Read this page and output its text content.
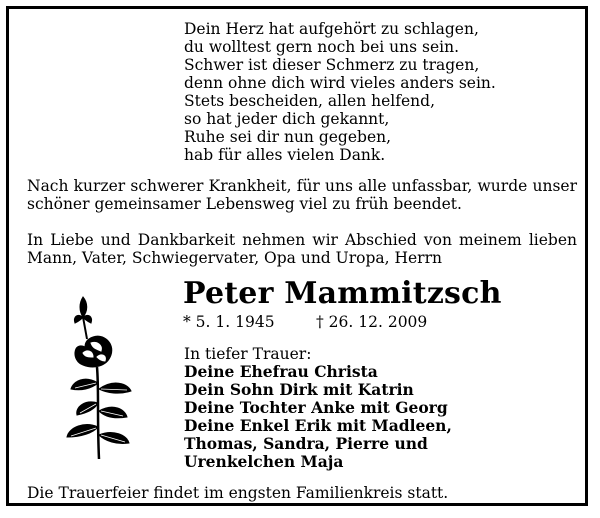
Dein Herz hat aufgehört zu schlagen,
du wolltest gern noch bei uns sein.
Schwer ist dieser Schmerz zu tragen,
denn ohne dich wird vieles anders sein.
Stets bescheiden, allen helfend,
so hat jeder dich gekannt,
Ruhe sei dir nun gegeben,
hab für alles vielen Dank.
Nach kurzer schwerer Krankheit, für uns alle unfassbar, wurde unser
schöner gemeinsamer Lebensweg viel zu früh beendet.
In Liebe und Dankbarkeit nehmen wir Abschied von meinem lieben
Mann, Vater, Schwiegervater, Opa und Uropa, Herrn
Peter Mammitzsch
* 5. 1. 1945	† 26. 12. 2009
In tiefer Trauer:
Deine Ehefrau Christa
Dein Sohn Dirk mit Katrin
Deine Tochter Anke mit Georg
Deine Enkel Erik mit Madleen,
Thomas, Sandra, Pierre und
Urenkelchen Maja
Die Trauerfeier findet im engsten Familienkreis statt.
